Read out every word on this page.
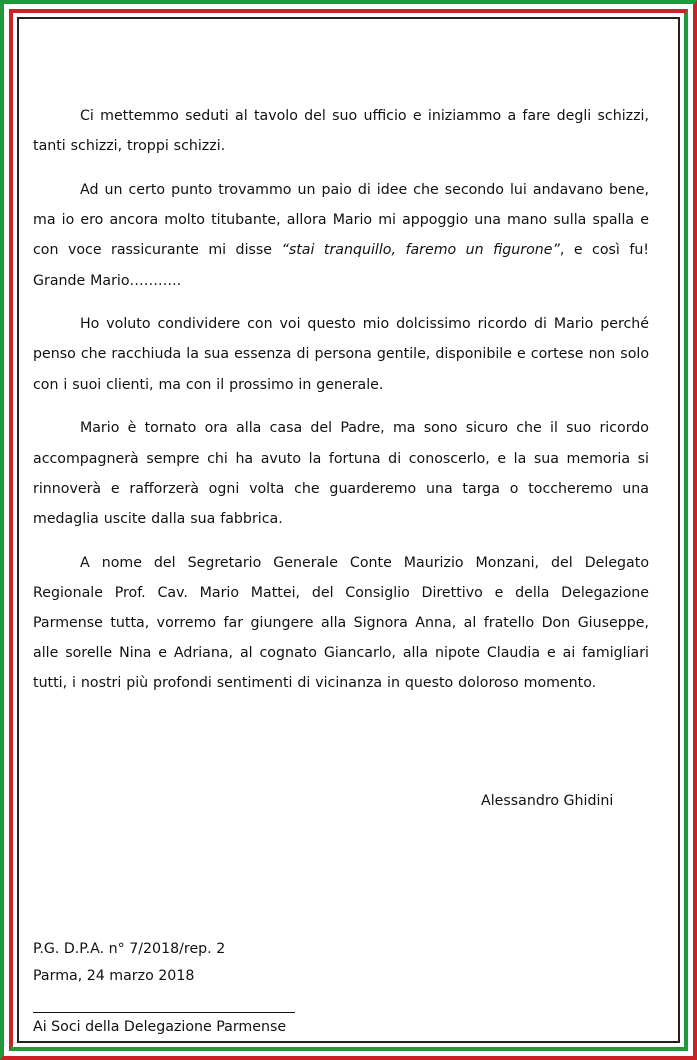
Ci mettemmo seduti al tavolo del suo ufficio e iniziammo a fare degli schizzi, tanti schizzi, troppi schizzi.

Ad un certo punto trovammo un paio di idee che secondo lui andavano bene, ma io ero ancora molto titubante, allora Mario mi appoggio una mano sulla spalla e con voce rassicurante mi disse “stai tranquillo, faremo un figurone”, e così fu! Grande Mario………..

Ho voluto condividere con voi questo mio dolcissimo ricordo di Mario perché penso che racchiuda la sua essenza di persona gentile, disponibile e cortese non solo con i suoi clienti, ma con il prossimo in generale.

Mario è tornato ora alla casa del Padre, ma sono sicuro che il suo ricordo accompagnerà sempre chi ha avuto la fortuna di conoscerlo, e la sua memoria si rinnoverà e rafforzerà ogni volta che guarderemo una targa o toccheremo una medaglia uscite dalla sua fabbrica.

A nome del Segretario Generale Conte Maurizio Monzani, del Delegato Regionale Prof. Cav. Mario Mattei, del Consiglio Direttivo e della Delegazione Parmense tutta, vorremo far giungere alla Signora Anna, al fratello Don Giuseppe, alle sorelle Nina e Adriana, al cognato Giancarlo, alla nipote Claudia e ai famigliari tutti, i nostri più profondi sentimenti di vicinanza in questo doloroso momento.

Alessandro Ghidini
P.G. D.P.A. n° 7/2018/rep. 2
Parma, 24 marzo 2018
Ai Soci della Delegazione Parmense
